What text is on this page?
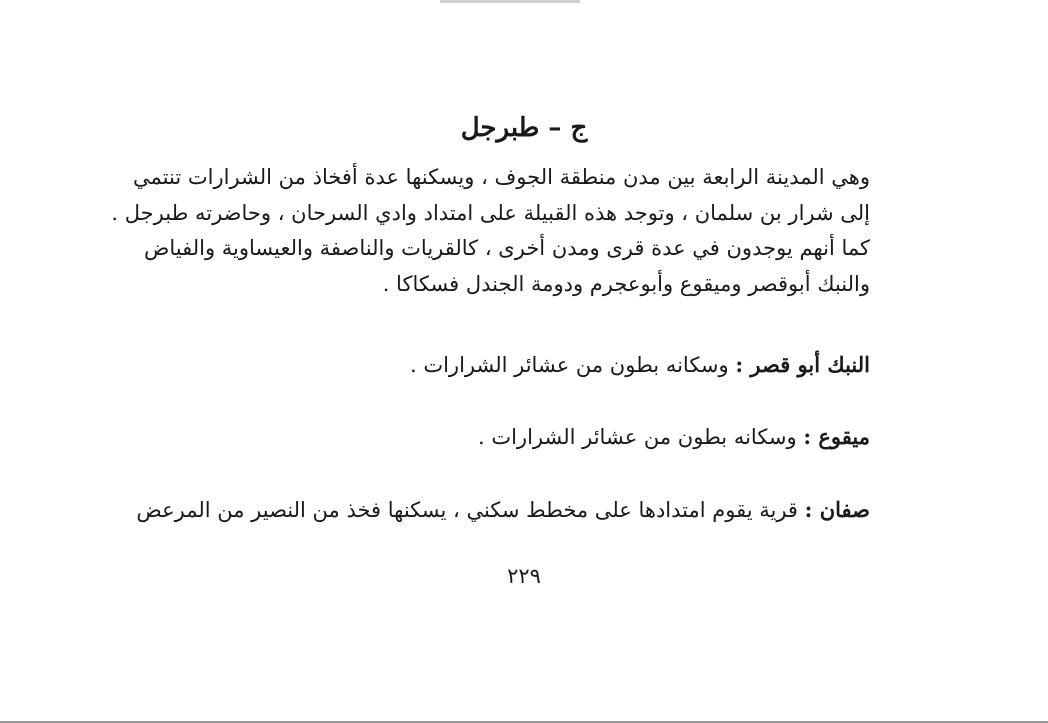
ج – طبرجل
وهي المدينة الرابعة بين مدن منطقة الجوف ، ويسكنها عدة أفخاذ من الشرارات تنتمي
إلى شرار بن سلمان ، وتوجد هذه القبيلة على امتداد وادي السرحان ، وحاضرته طبرجل .
كما أنهم يوجدون في عدة قرى ومدن أخرى ، كالقريات والناصفة والعيساوية والفياض
والنبك أبوقصر وميقوع وأبوعجرم ودومة الجندل فسكاكا .
النبك أبو قصر : وسكانه بطون من عشائر الشرارات .
ميقوع : وسكانه بطون من عشائر الشرارات .
صفان : قرية يقوم امتدادها على مخطط سكني ، يسكنها فخذ من النصير من المرعض
٢٢٩
